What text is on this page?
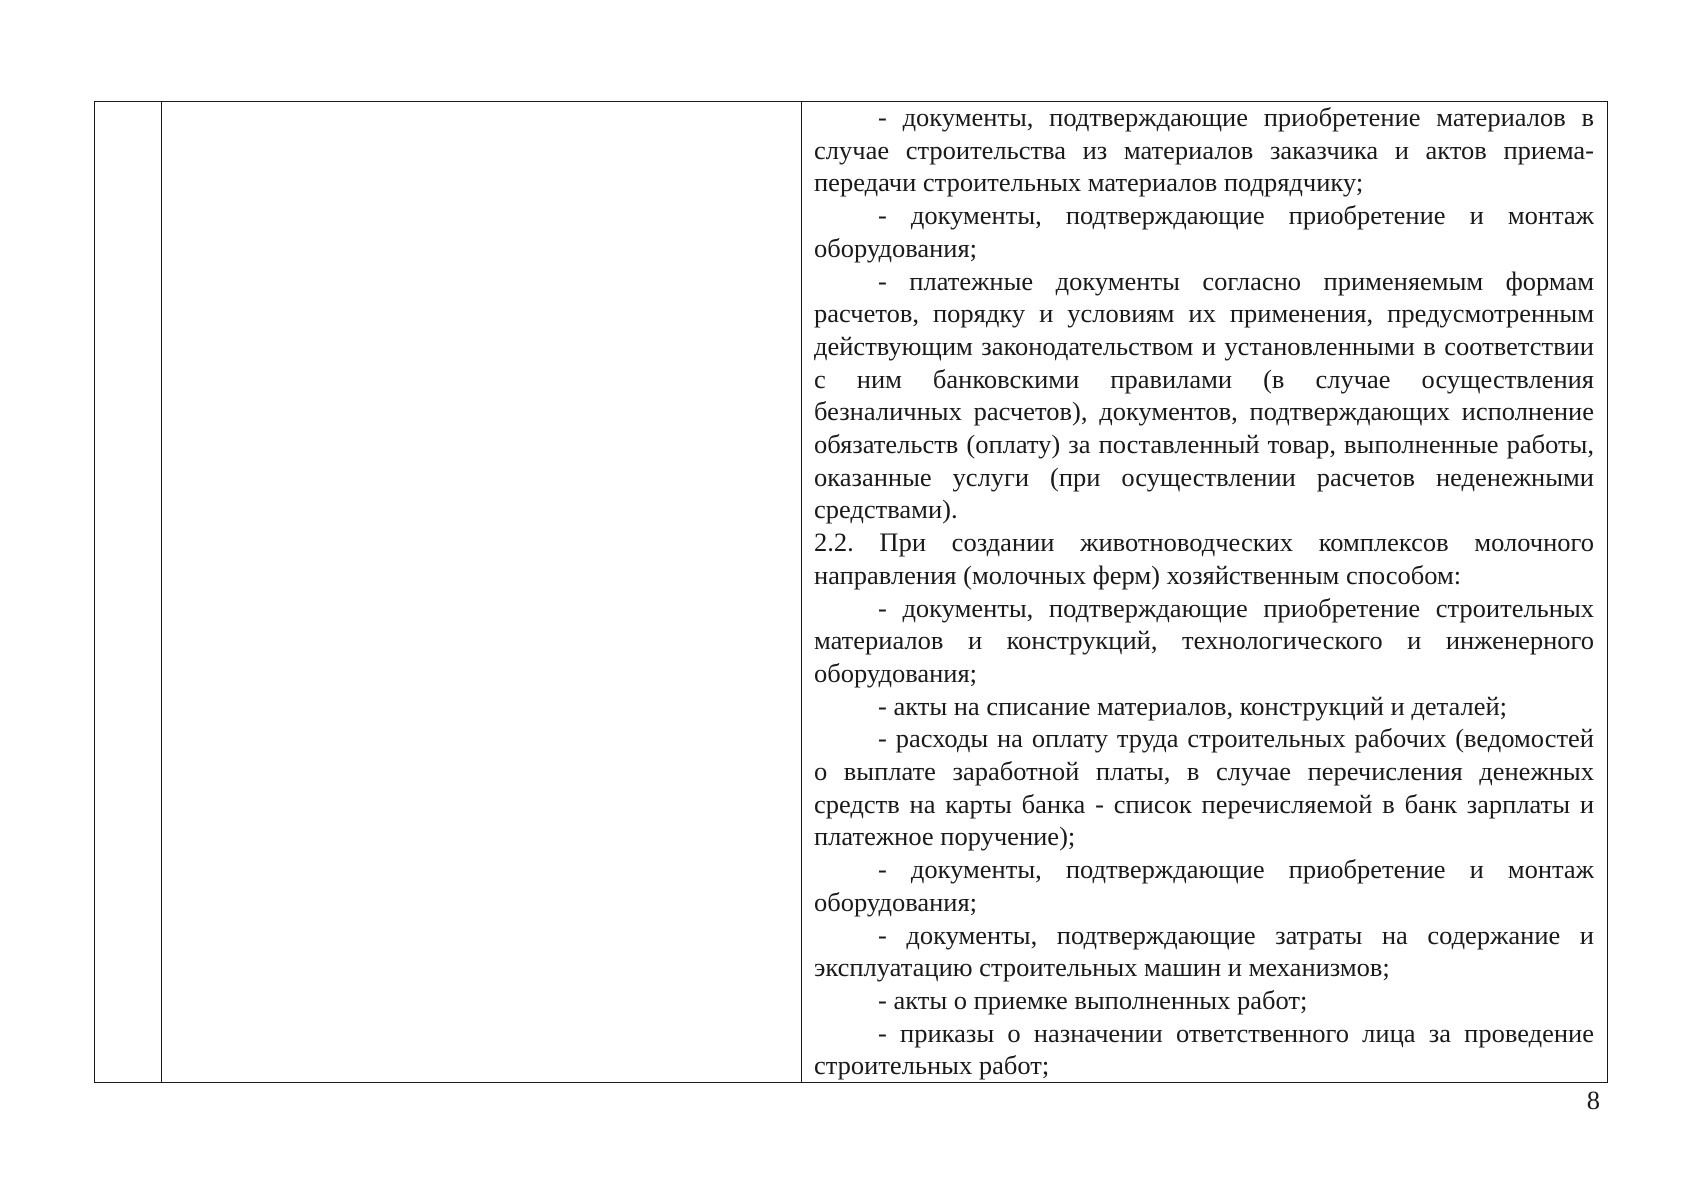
- документы, подтверждающие приобретение материалов в случае строительства из материалов заказчика и актов приема-передачи строительных материалов подрядчику;

- документы, подтверждающие приобретение и монтаж оборудования;

- платежные документы согласно применяемым формам расчетов, порядку и условиям их применения, предусмотренным действующим законодательством и установленными в соответствии с ним банковскими правилами (в случае осуществления безналичных расчетов), документов, подтверждающих исполнение обязательств (оплату) за поставленный товар, выполненные работы, оказанные услуги (при осуществлении расчетов неденежными средствами).

2.2. При создании животноводческих комплексов молочного направления (молочных ферм) хозяйственным способом:

- документы, подтверждающие приобретение строительных материалов и конструкций, технологического и инженерного оборудования;

- акты на списание материалов, конструкций и деталей;

- расходы на оплату труда строительных рабочих (ведомостей о выплате заработной платы, в случае перечисления денежных средств на карты банка - список перечисляемой в банк зарплаты и платежное поручение);

- документы, подтверждающие приобретение и монтаж оборудования;

- документы, подтверждающие затраты на содержание и эксплуатацию строительных машин и механизмов;

- акты о приемке выполненных работ;

- приказы о назначении ответственного лица за проведение строительных работ;

8
